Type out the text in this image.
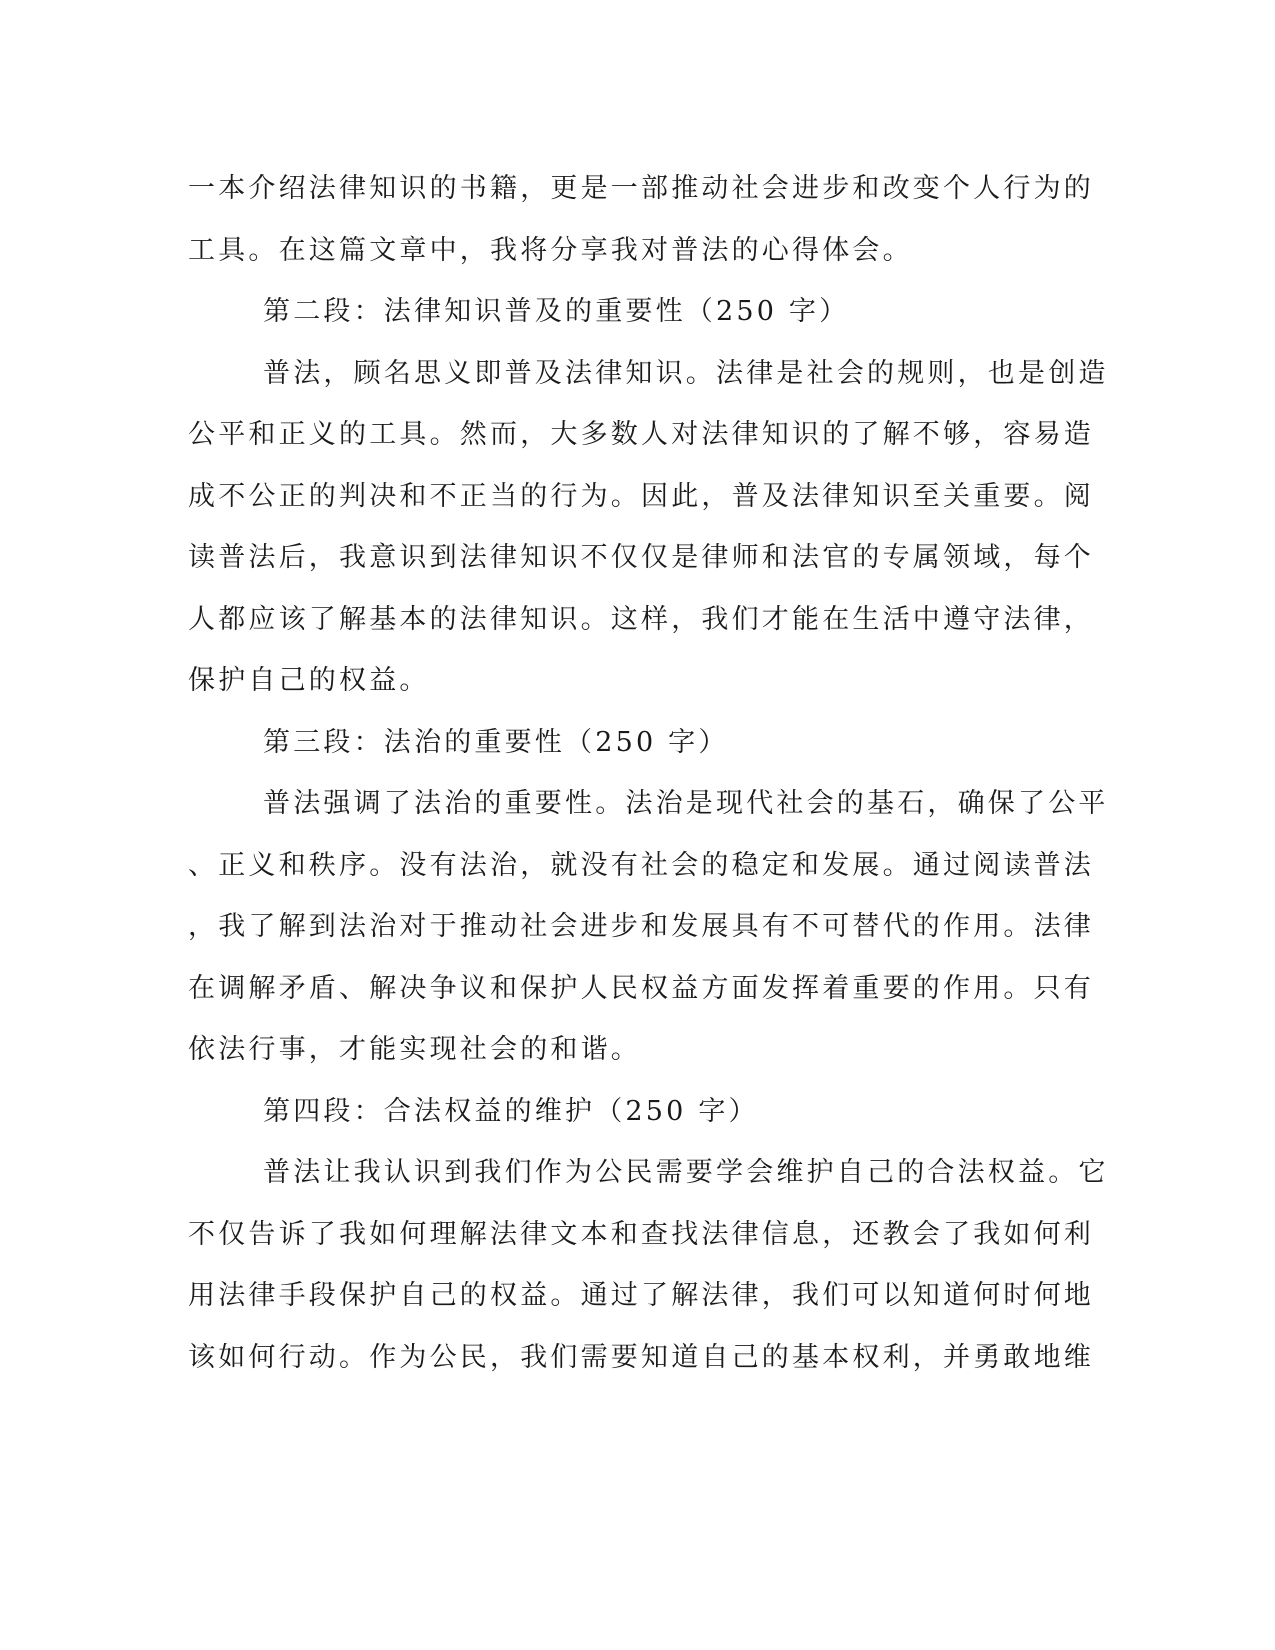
一本介绍法律知识的书籍，更是一部推动社会进步和改变个人行为的
工具。在这篇文章中，我将分享我对普法的心得体会。
第二段：法律知识普及的重要性（250 字）
普法，顾名思义即普及法律知识。法律是社会的规则，也是创造
公平和正义的工具。然而，大多数人对法律知识的了解不够，容易造
成不公正的判决和不正当的行为。因此，普及法律知识至关重要。阅
读普法后，我意识到法律知识不仅仅是律师和法官的专属领域，每个
人都应该了解基本的法律知识。这样，我们才能在生活中遵守法律，
保护自己的权益。
第三段：法治的重要性（250 字）
普法强调了法治的重要性。法治是现代社会的基石，确保了公平
、正义和秩序。没有法治，就没有社会的稳定和发展。通过阅读普法
，我了解到法治对于推动社会进步和发展具有不可替代的作用。法律
在调解矛盾、解决争议和保护人民权益方面发挥着重要的作用。只有
依法行事，才能实现社会的和谐。
第四段：合法权益的维护（250 字）
普法让我认识到我们作为公民需要学会维护自己的合法权益。它
不仅告诉了我如何理解法律文本和查找法律信息，还教会了我如何利
用法律手段保护自己的权益。通过了解法律，我们可以知道何时何地
该如何行动。作为公民，我们需要知道自己的基本权利，并勇敢地维
